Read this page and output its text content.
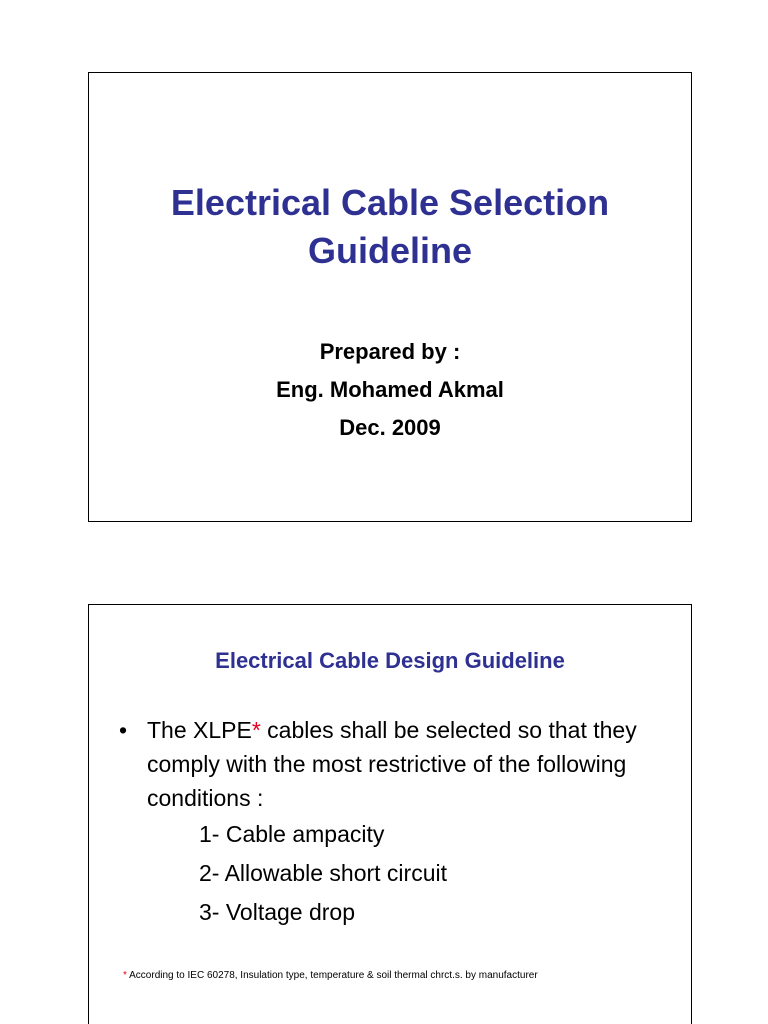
Electrical Cable Selection
Guideline
Prepared by :
Eng. Mohamed Akmal
Dec. 2009
Electrical Cable Design Guideline
• The XLPE* cables shall be selected so that they comply with the most restrictive of the following conditions :
1- Cable ampacity
2- Allowable short circuit
3- Voltage drop
* According to IEC 60278, Insulation type, temperature & soil thermal chrct.s. by manufacturer
